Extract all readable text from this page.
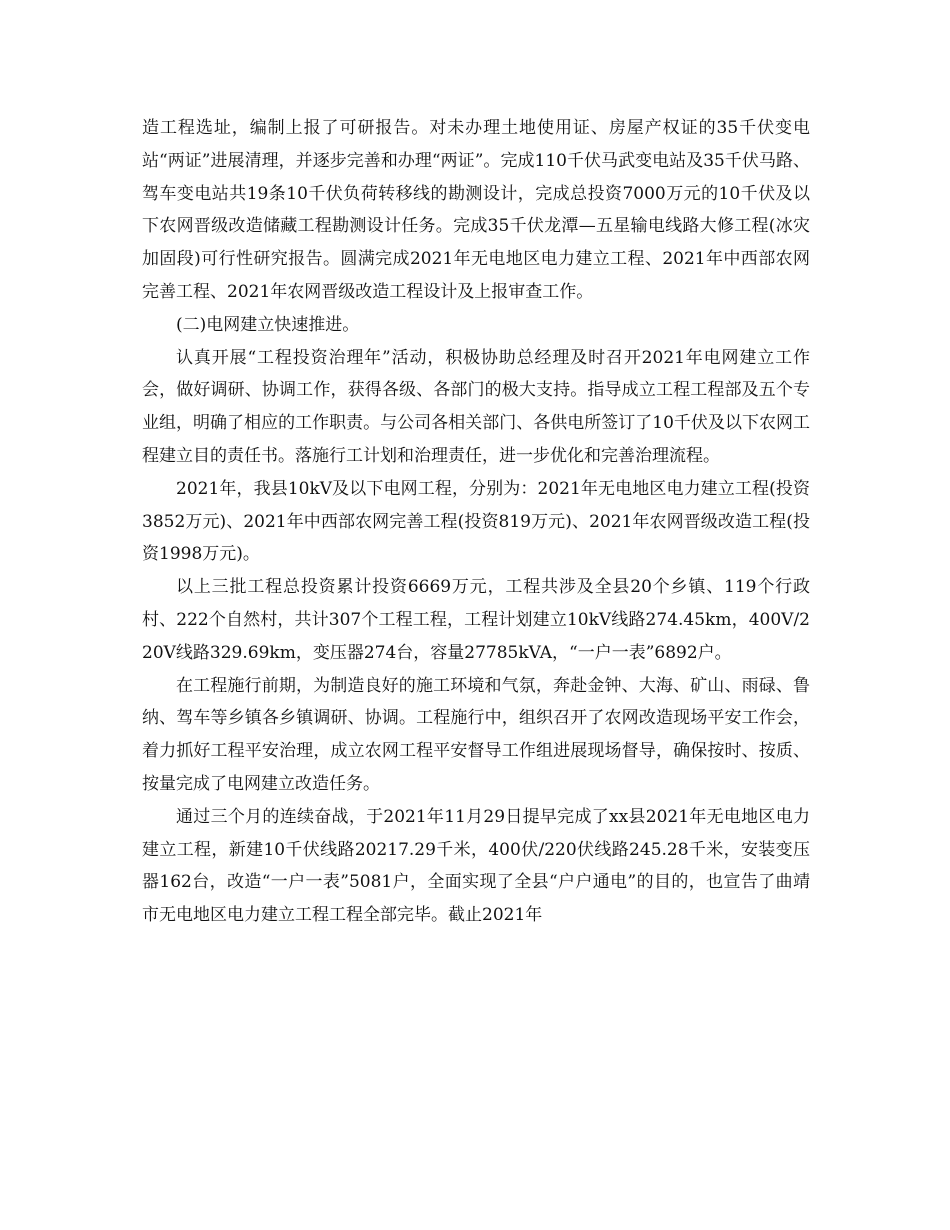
造工程选址，编制上报了可研报告。对未办理土地使用证、房屋产权证的35千伏变电站“两证”进展清理，并逐步完善和办理“两证”。完成110千伏马武变电站及35千伏马路、驾车变电站共19条10千伏负荷转移线的勘测设计，完成总投资7000万元的10千伏及以下农网晋级改造储藏工程勘测设计任务。完成35千伏龙潭—五星输电线路大修工程(冰灾加固段)可行性研究报告。圆满完成2021年无电地区电力建立工程、2021年中西部农网完善工程、2021年农网晋级改造工程设计及上报审查工作。

(二)电网建立快速推进。

认真开展“工程投资治理年”活动，积极协助总经理及时召开2021年电网建立工作会，做好调研、协调工作，获得各级、各部门的极大支持。指导成立工程工程部及五个专业组，明确了相应的工作职责。与公司各相关部门、各供电所签订了10千伏及以下农网工程建立目的责任书。落施行工计划和治理责任，进一步优化和完善治理流程。

2021年，我县10kV及以下电网工程，分别为：2021年无电地区电力建立工程(投资3852万元)、2021年中西部农网完善工程(投资819万元)、2021年农网晋级改造工程(投资1998万元)。

以上三批工程总投资累计投资6669万元，工程共涉及全县20个乡镇、119个行政村、222个自然村，共计307个工程工程，工程计划建立10kV线路274.45km，400V/220V线路329.69km，变压器274台，容量27785kVA，“一户一表”6892户。

在工程施行前期，为制造良好的施工环境和气氛，奔赴金钟、大海、矿山、雨碌、鲁纳、驾车等乡镇各乡镇调研、协调。工程施行中，组织召开了农网改造现场平安工作会，着力抓好工程平安治理，成立农网工程平安督导工作组进展现场督导，确保按时、按质、按量完成了电网建立改造任务。

通过三个月的连续奋战，于2021年11月29日提早完成了xx县2021年无电地区电力建立工程，新建10千伏线路20217.29千米，400伏/220伏线路245.28千米，安装变压器162台，改造“一户一表”5081户，全面实现了全县“户户通电”的目的，也宣告了曲靖市无电地区电力建立工程工程全部完毕。截止2021年
